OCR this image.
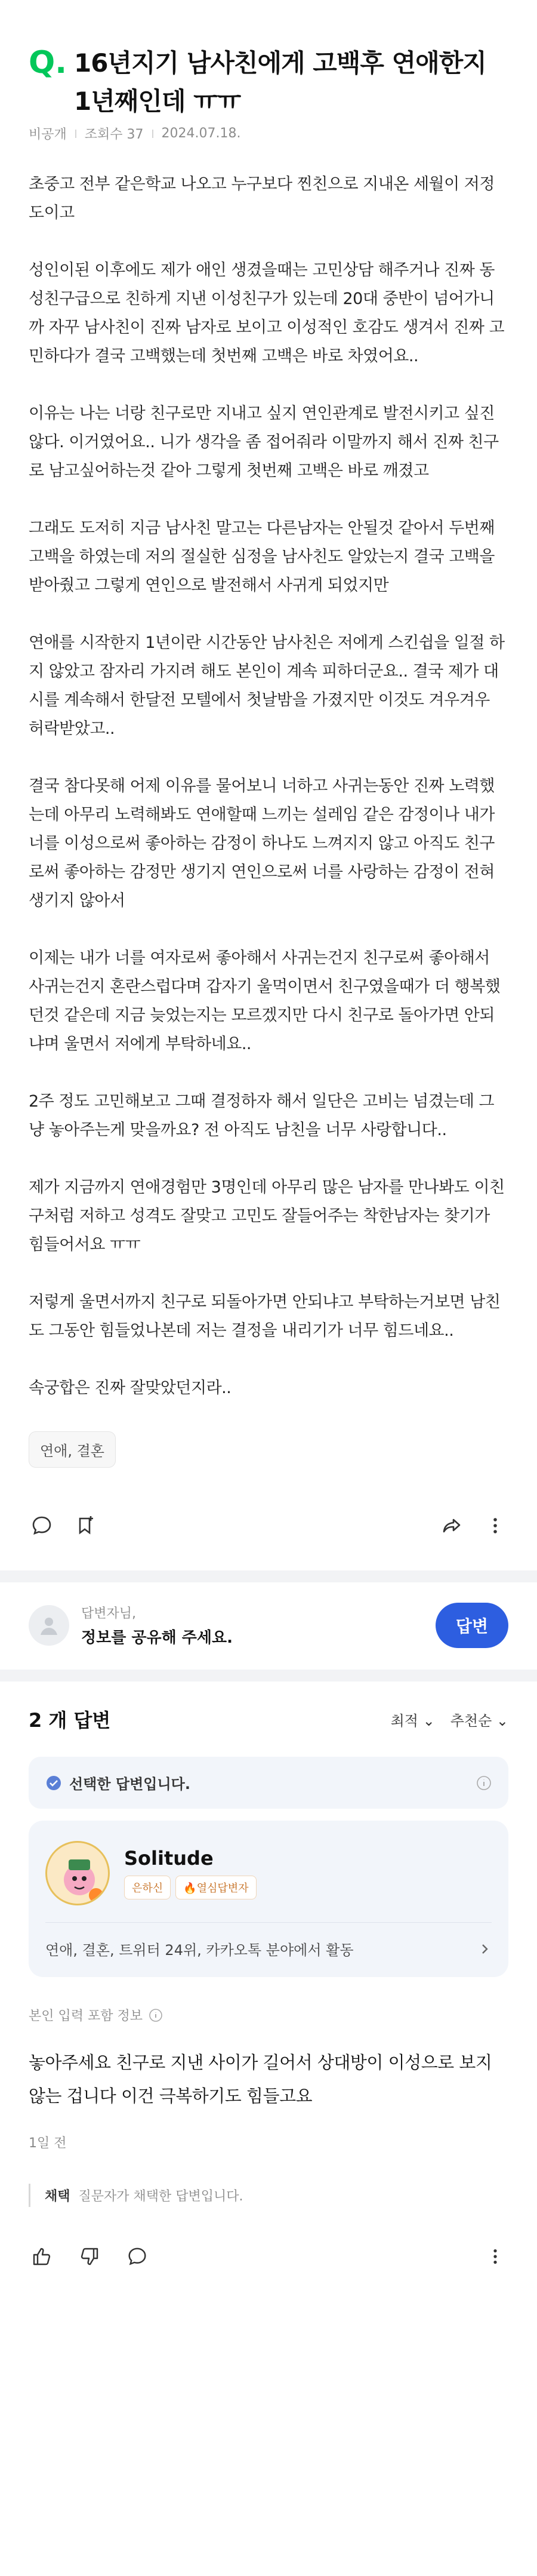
Q. 16년지기 남사친에게 고백후 연애한지 1년째인데 ㅠㅠ
비공개 조회수 37 2024.07.18.

초중고 전부 같은학교 나오고 누구보다 찐친으로 지내온 세월이 저정도이고

성인이된 이후에도 제가 애인 생겼을때는 고민상담 해주거나 진짜 동성친구급으로 친하게 지낸 이성친구가 있는데 20대 중반이 넘어가니까 자꾸 남사친이 진짜 남자로 보이고 이성적인 호감도 생겨서 진짜 고민하다가 결국 고백했는데 첫번째 고백은 바로 차였어요..

이유는 나는 너랑 친구로만 지내고 싶지 연인관계로 발전시키고 싶진 않다. 이거였어요.. 니가 생각을 좀 접어줘라 이말까지 해서 진짜 친구로 남고싶어하는것 같아 그렇게 첫번째 고백은 바로 깨졌고

그래도 도저히 지금 남사친 말고는 다른남자는 안될것 같아서 두번째 고백을 하였는데 저의 절실한 심정을 남사친도 알았는지 결국 고백을 받아줬고 그렇게 연인으로 발전해서 사귀게 되었지만

연애를 시작한지 1년이란 시간동안 남사친은 저에게 스킨쉽을 일절 하지 않았고 잠자리 가지려 해도 본인이 계속 피하더군요.. 결국 제가 대시를 계속해서 한달전 모텔에서 첫날밤을 가졌지만 이것도 겨우겨우 허락받았고..

결국 참다못해 어제 이유를 물어보니 너하고 사귀는동안 진짜 노력했는데 아무리 노력해봐도 연애할때 느끼는 설레임 같은 감정이나 내가 너를 이성으로써 좋아하는 감정이 하나도 느껴지지 않고 아직도 친구로써 좋아하는 감정만 생기지 연인으로써 너를 사랑하는 감정이 전혀 생기지 않아서

이제는 내가 너를 여자로써 좋아해서 사귀는건지 친구로써 좋아해서 사귀는건지 혼란스럽다며 갑자기 울먹이면서 친구였을때가 더 행복했던것 같은데 지금 늦었는지는 모르겠지만 다시 친구로 돌아가면 안되냐며 울면서 저에게 부탁하네요..

2주 정도 고민해보고 그때 결정하자 해서 일단은 고비는 넘겼는데 그냥 놓아주는게 맞을까요? 전 아직도 남친을 너무 사랑합니다..

제가 지금까지 연애경험만 3명인데 아무리 많은 남자를 만나봐도 이친구처럼 저하고 성격도 잘맞고 고민도 잘들어주는 착한남자는 찾기가 힘들어서요 ㅠㅠ

저렇게 울면서까지 친구로 되돌아가면 안되냐고 부탁하는거보면 남친도 그동안 힘들었나본데 저는 결정을 내리기가 너무 힘드네요..

속궁합은 진짜 잘맞았던지라..

연애, 결혼
답변자님,
정보를 공유해 주세요.
답변
2 개 답변	최적 ⌄ 추천순 ⌄
선택한 답변입니다.
Solitude
은하신	🔥열심답변자
연애, 결혼, 트위터 24위, 카카오톡 분야에서 활동
본인 입력 포함 정보

놓아주세요 친구로 지낸 사이가 길어서 상대방이 이성으로 보지 않는 겁니다 이건 극복하기도 힘들고요

1일 전
채택 질문자가 채택한 답변입니다.
